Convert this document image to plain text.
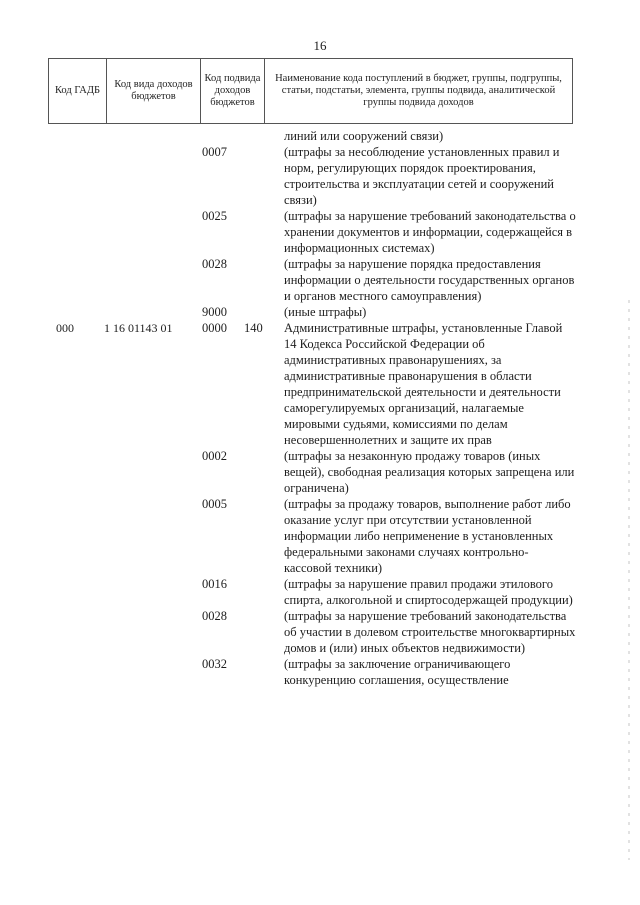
16
Код ГАДБ	Код вида доходов бюджетов	Код подвида доходов бюджетов	Наименование кода поступлений в бюджет, группы, подгруппы, статьи, подстатьи, элемента, группы подвида, аналитической группы подвида доходов
линий или сооружений связи)
0007	(штрафы за несоблюдение установленных правил и норм, регулирующих порядок проектирования, строительства и эксплуатации сетей и сооружений связи)
0025	(штрафы за нарушение требований законодательства о хранении документов и информации, содержащейся в информационных системах)
0028	(штрафы за нарушение порядка предоставления информации о деятельности государственных органов и органов местного самоуправления)
9000	(иные штрафы)
000	1 16 01143 01	0000	140	Административные штрафы, установленные Главой 14 Кодекса Российской Федерации об административных правонарушениях, за административные правонарушения в области предпринимательской деятельности и деятельности саморегулируемых организаций, налагаемые мировыми судьями, комиссиями по делам несовершеннолетних и защите их прав
0002	(штрафы за незаконную продажу товаров (иных вещей), свободная реализация которых запрещена или ограничена)
0005	(штрафы за продажу товаров, выполнение работ либо оказание услуг при отсутствии установленной информации либо неприменение в установленных федеральными законами случаях контрольно-кассовой техники)
0016	(штрафы за нарушение правил продажи этилового спирта, алкогольной и спиртосодержащей продукции)
0028	(штрафы за нарушение требований законодательства об участии в долевом строительстве многоквартирных домов и (или) иных объектов недвижимости)
0032	(штрафы за заключение ограничивающего конкуренцию соглашения, осуществление
